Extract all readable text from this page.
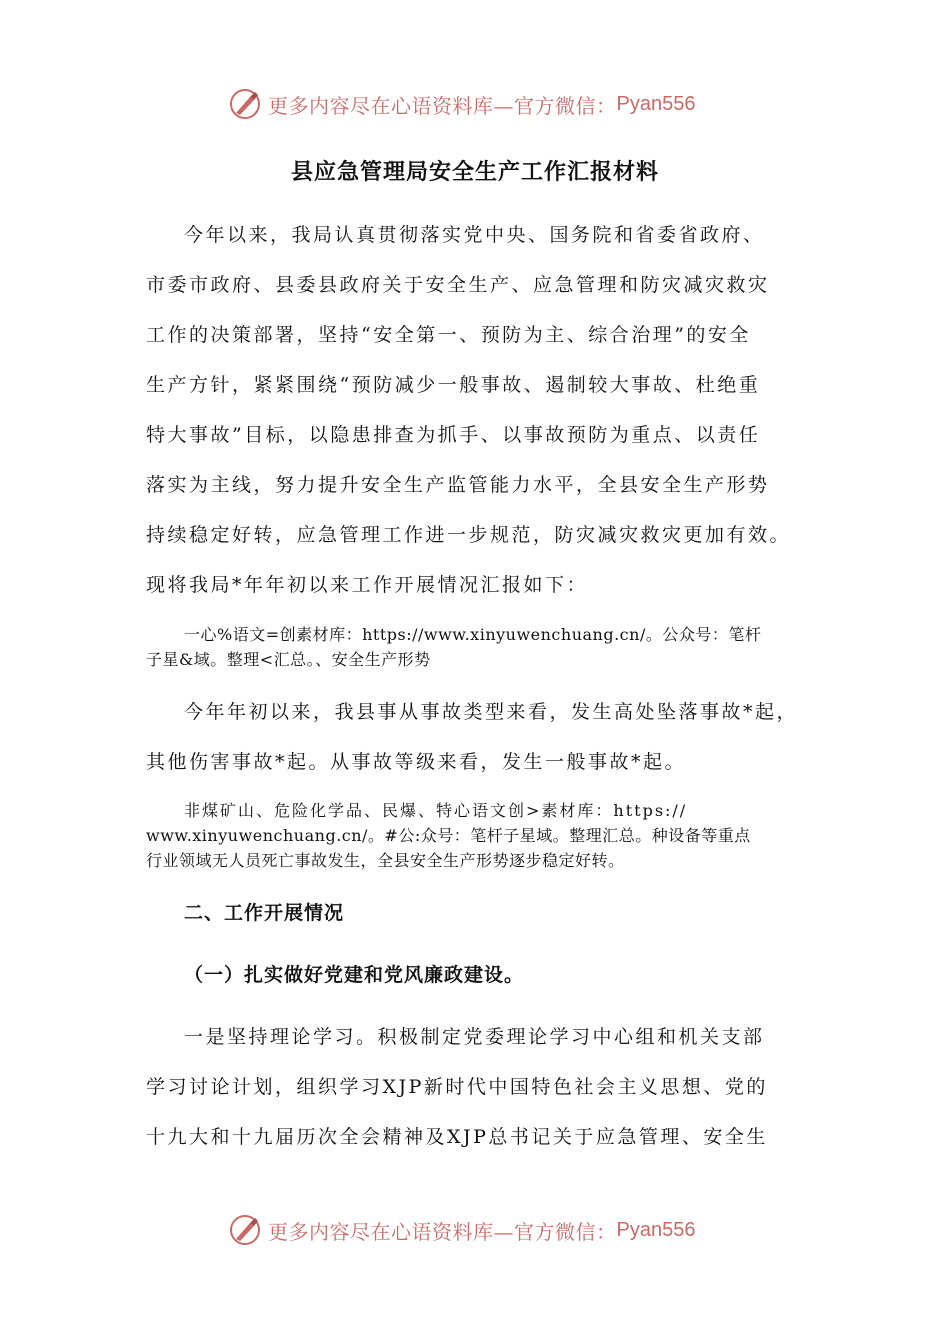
更多内容尽在心语资料库—官方微信： Pyan556
县应急管理局安全生产工作汇报材料
今年以来，我局认真贯彻落实党中央、国务院和省委省政府、
市委市政府、县委县政府关于安全生产、应急管理和防灾减灾救灾
工作的决策部署，坚持“安全第一、预防为主、综合治理”的安全
生产方针，紧紧围绕“预防减少一般事故、遏制较大事故、杜绝重
特大事故”目标，以隐患排查为抓手、以事故预防为重点、以责任
落实为主线，努力提升安全生产监管能力水平，全县安全生产形势
持续稳定好转，应急管理工作进一步规范，防灾减灾救灾更加有效。
现将我局*年年初以来工作开展情况汇报如下：
一心%语文=创素材库：https://www.xinyuwenchuang.cn/。公众号：笔杆
子星&域。整理<汇总。、安全生产形势
今年年初以来，我县事从事故类型来看，发生高处坠落事故*起，
其他伤害事故*起。从事故等级来看，发生一般事故*起。
非煤矿山、危险化学品、民爆、特心语文创>素材库：https://
www.xinyuwenchuang.cn/。#公:众号：笔杆子星域。整理汇总。种设备等重点
行业领域无人员死亡事故发生，全县安全生产形势逐步稳定好转。
二、工作开展情况
（一）扎实做好党建和党风廉政建设。
一是坚持理论学习。积极制定党委理论学习中心组和机关支部
学习讨论计划，组织学习XJP新时代中国特色社会主义思想、党的
十九大和十九届历次全会精神及XJP总书记关于应急管理、安全生
更多内容尽在心语资料库—官方微信： Pyan556
